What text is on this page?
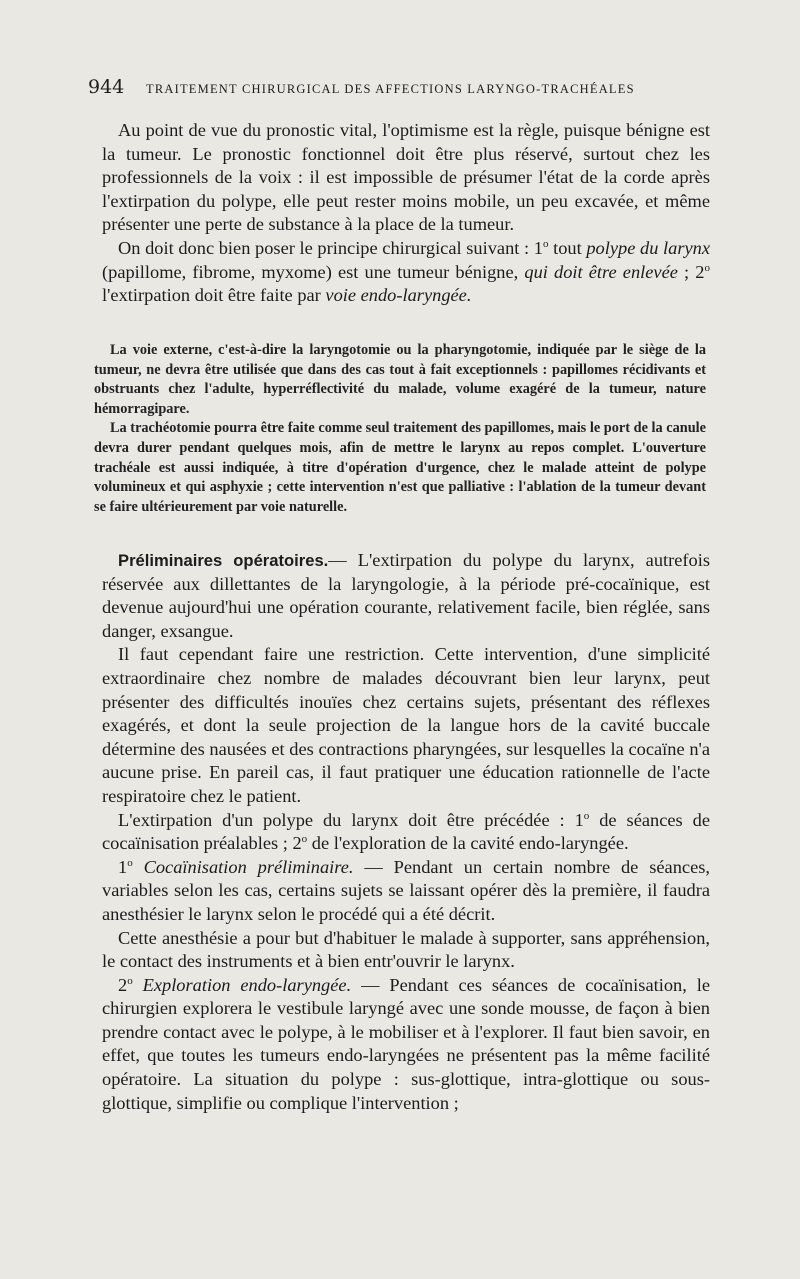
944	TRAITEMENT CHIRURGICAL DES AFFECTIONS LARYNGO-TRACHÉALES

Au point de vue du pronostic vital, l'optimisme est la règle, puisque bénigne est la tumeur. Le pronostic fonctionnel doit être plus réservé, surtout chez les professionnels de la voix : il est impossible de présumer l'état de la corde après l'extirpation du polype, elle peut rester moins mobile, un peu excavée, et même présenter une perte de substance à la place de la tumeur.

On doit donc bien poser le principe chirurgical suivant : 1$^o$ tout polype du larynx (papillome, fibrome, myxome) est une tumeur bénigne, qui doit être enlevée ; 2$^o$ l'extirpation doit être faite par voie endo-laryngée.

La voie externe, c'est-à-dire la laryngotomie ou la pharyngotomie, indiquée par le siège de la tumeur, ne devra être utilisée que dans des cas tout à fait exceptionnels : papillomes récidivants et obstruants chez l'adulte, hyperréflectivité du malade, volume exagéré de la tumeur, nature hémorragipare.

La trachéotomie pourra être faite comme seul traitement des papillomes, mais le port de la canule devra durer pendant quelques mois, afin de mettre le larynx au repos complet. L'ouverture trachéale est aussi indiquée, à titre d'opération d'urgence, chez le malade atteint de polype volumineux et qui asphyxie ; cette intervention n'est que palliative : l'ablation de la tumeur devant se faire ultérieurement par voie naturelle.

Préliminaires opératoires.— L'extirpation du polype du larynx, autrefois réservée aux dillettantes de la laryngologie, à la période pré-cocaïnique, est devenue aujourd'hui une opération courante, relativement facile, bien réglée, sans danger, exsangue.

Il faut cependant faire une restriction. Cette intervention, d'une simplicité extraordinaire chez nombre de malades découvrant bien leur larynx, peut présenter des difficultés inouïes chez certains sujets, présentant des réflexes exagérés, et dont la seule projection de la langue hors de la cavité buccale détermine des nausées et des contractions pharyngées, sur lesquelles la cocaïne n'a aucune prise. En pareil cas, il faut pratiquer une éducation rationnelle de l'acte respiratoire chez le patient.

L'extirpation d'un polype du larynx doit être précédée : 1$^o$ de séances de cocaïnisation préalables ; 2$^o$ de l'exploration de la cavité endo-laryngée.

1$^o$ Cocaïnisation préliminaire. — Pendant un certain nombre de séances, variables selon les cas, certains sujets se laissant opérer dès la première, il faudra anesthésier le larynx selon le procédé qui a été décrit.

Cette anesthésie a pour but d'habituer le malade à supporter, sans appréhension, le contact des instruments et à bien entr'ouvrir le larynx.

2$^o$ Exploration endo-laryngée. — Pendant ces séances de cocaïnisation, le chirurgien explorera le vestibule laryngé avec une sonde mousse, de façon à bien prendre contact avec le polype, à le mobiliser et à l'explorer. Il faut bien savoir, en effet, que toutes les tumeurs endo-laryngées ne présentent pas la même facilité opératoire. La situation du polype : sus-glottique, intra-glottique ou sous-glottique, simplifie ou complique l'intervention ;
